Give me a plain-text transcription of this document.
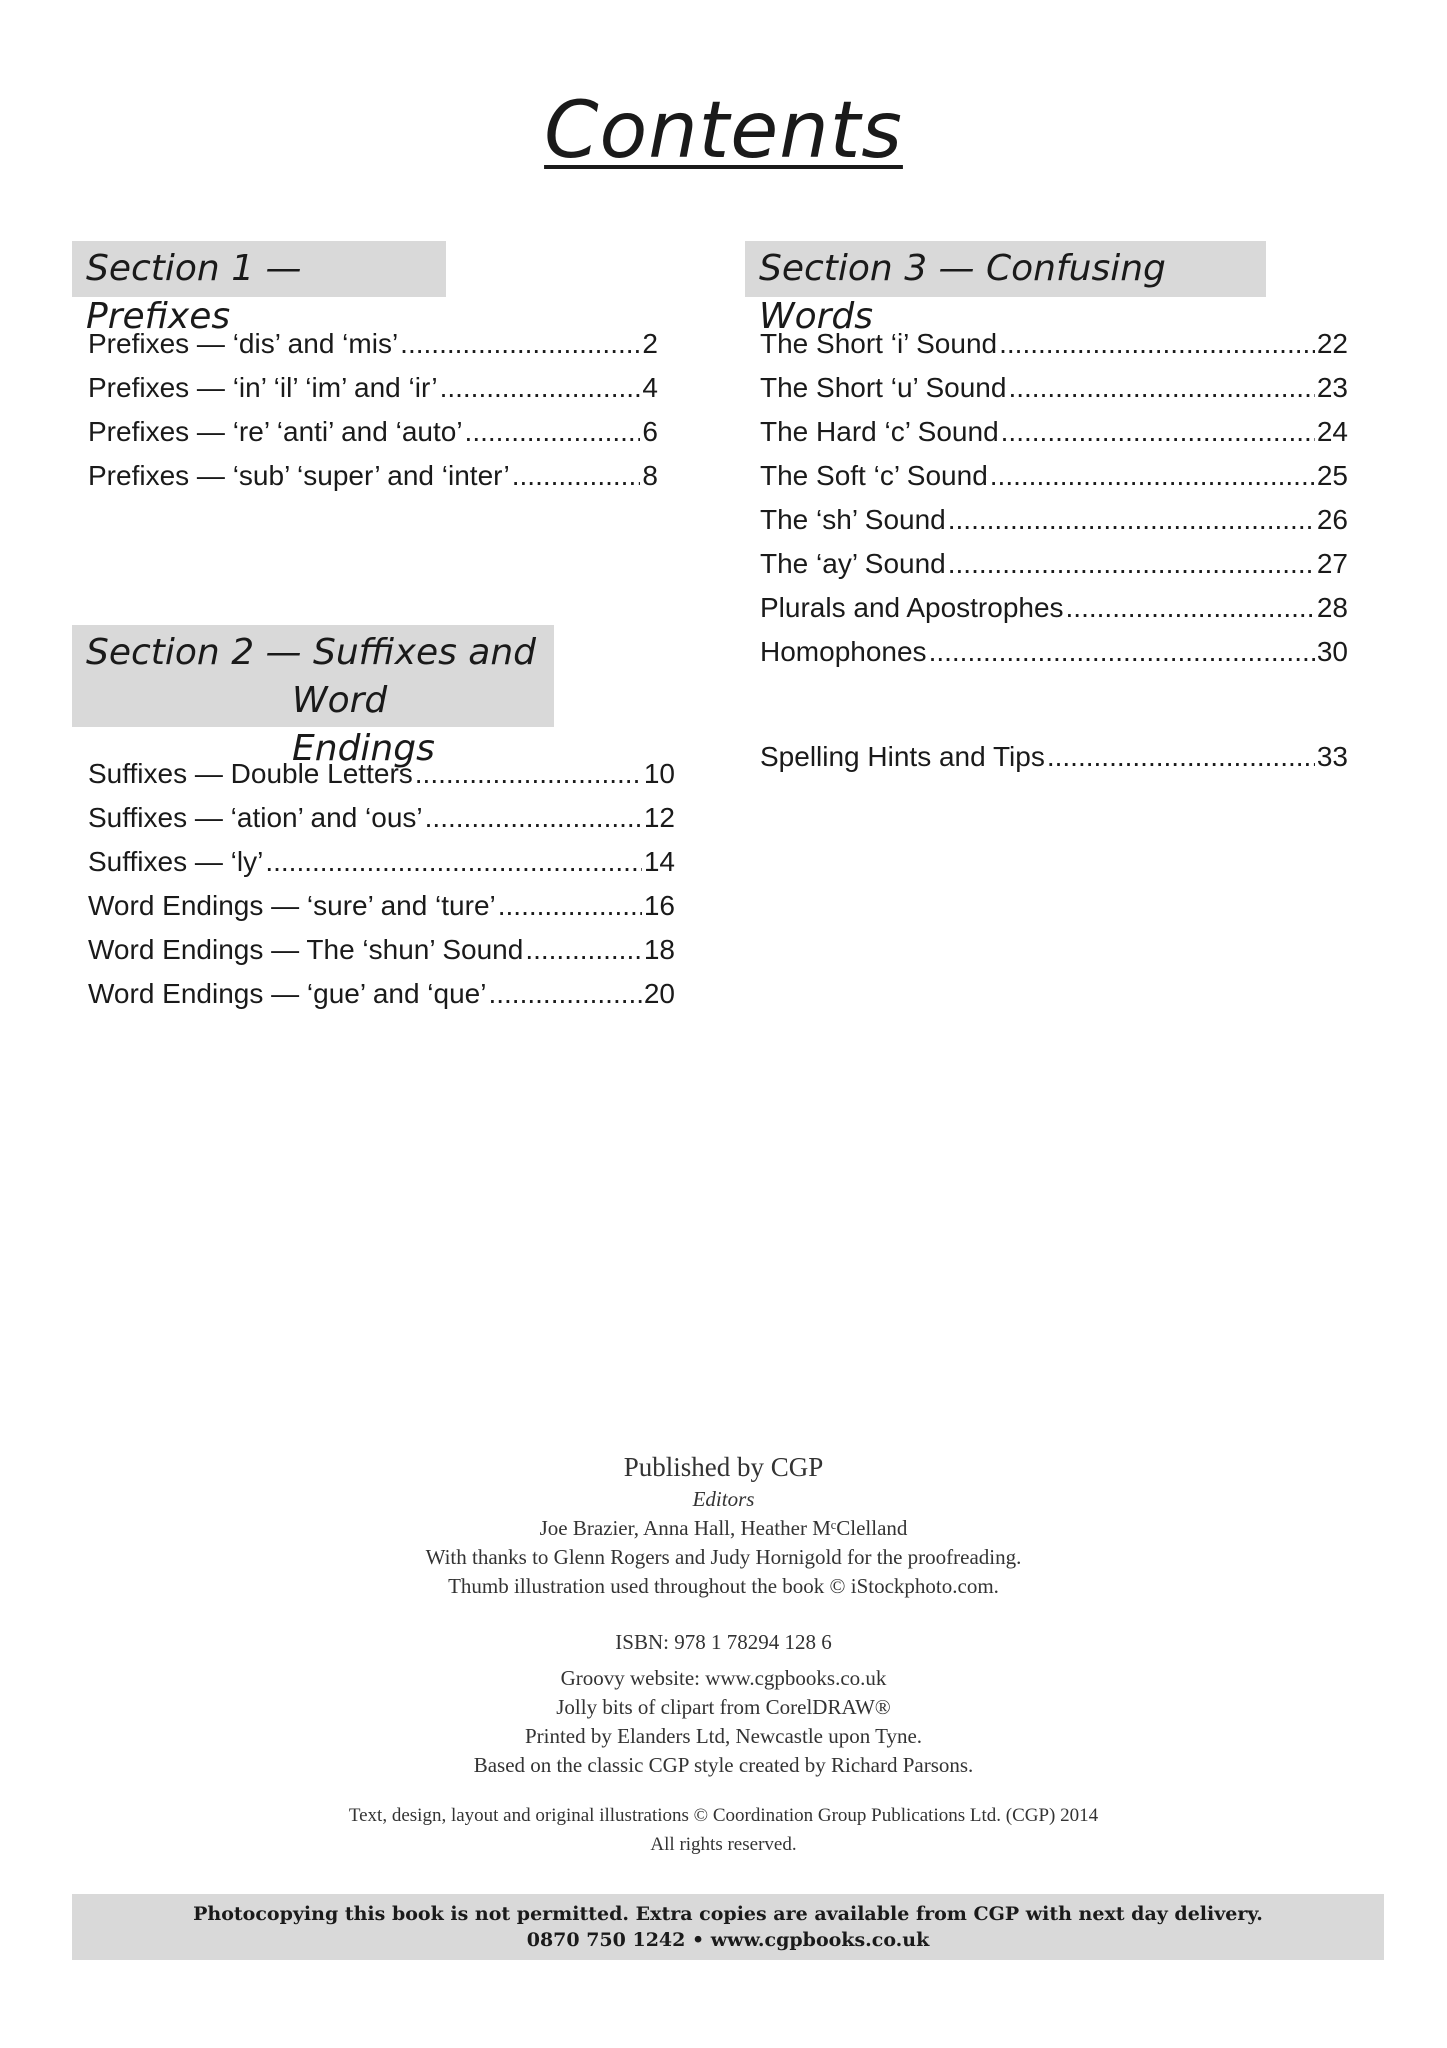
Contents
Section 1 — Prefixes
Prefixes — ‘dis’ and ‘mis’ .....	2
Prefixes — ‘in’ ‘il’ ‘im’ and ‘ir’ .....	4
Prefixes — ‘re’ ‘anti’ and ‘auto’ .....	6
Prefixes — ‘sub’ ‘super’ and ‘inter’ .....	8
Section 2 — Suffixes and
Word Endings
Suffixes — Double Letters .....	10
Suffixes — ‘ation’ and ‘ous’ .....	12
Suffixes — ‘ly’ .....	14
Word Endings — ‘sure’ and ‘ture’ .....	16
Word Endings — The ‘shun’ Sound .....	18
Word Endings — ‘gue’ and ‘que’ .....	20
Section 3 — Confusing Words
The Short ‘i’ Sound .....	22
The Short ‘u’ Sound .....	23
The Hard ‘c’ Sound .....	24
The Soft ‘c’ Sound .....	25
The ‘sh’ Sound .....	26
The ‘ay’ Sound .....	27
Plurals and Apostrophes .....	28
Homophones .....	30
Spelling Hints and Tips .....	33
Published by CGP
Editors
Joe Brazier, Anna Hall, Heather MᶜClelland
With thanks to Glenn Rogers and Judy Hornigold for the proofreading.
Thumb illustration used throughout the book © iStockphoto.com.
ISBN: 978 1 78294 128 6
Groovy website: www.cgpbooks.co.uk
Jolly bits of clipart from CorelDRAW®
Printed by Elanders Ltd, Newcastle upon Tyne.
Based on the classic CGP style created by Richard Parsons.
Text, design, layout and original illustrations © Coordination Group Publications Ltd. (CGP) 2014
All rights reserved.
Photocopying this book is not permitted. Extra copies are available from CGP with next day delivery.
0870 750 1242 • www.cgpbooks.co.uk
